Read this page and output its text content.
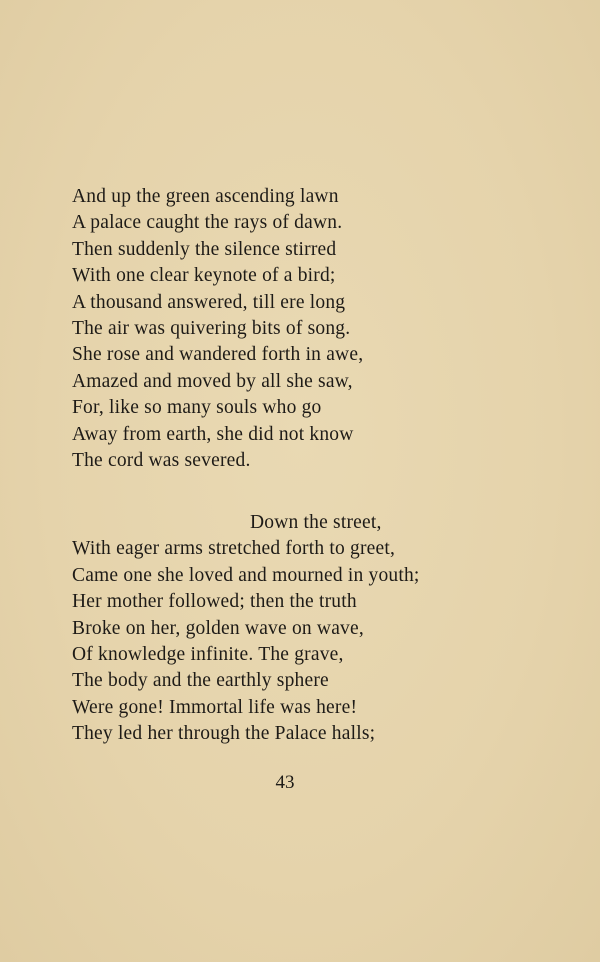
And up the green ascending lawn
A palace caught the rays of dawn.
Then suddenly the silence stirred
With one clear keynote of a bird;
A thousand answered, till ere long
The air was quivering bits of song.
She rose and wandered forth in awe,
Amazed and moved by all she saw,
For, like so many souls who go
Away from earth, she did not know
The cord was severed.
Down the street,
With eager arms stretched forth to greet,
Came one she loved and mourned in youth;
Her mother followed; then the truth
Broke on her, golden wave on wave,
Of knowledge infinite. The grave,
The body and the earthly sphere
Were gone! Immortal life was here!
They led her through the Palace halls;
43
